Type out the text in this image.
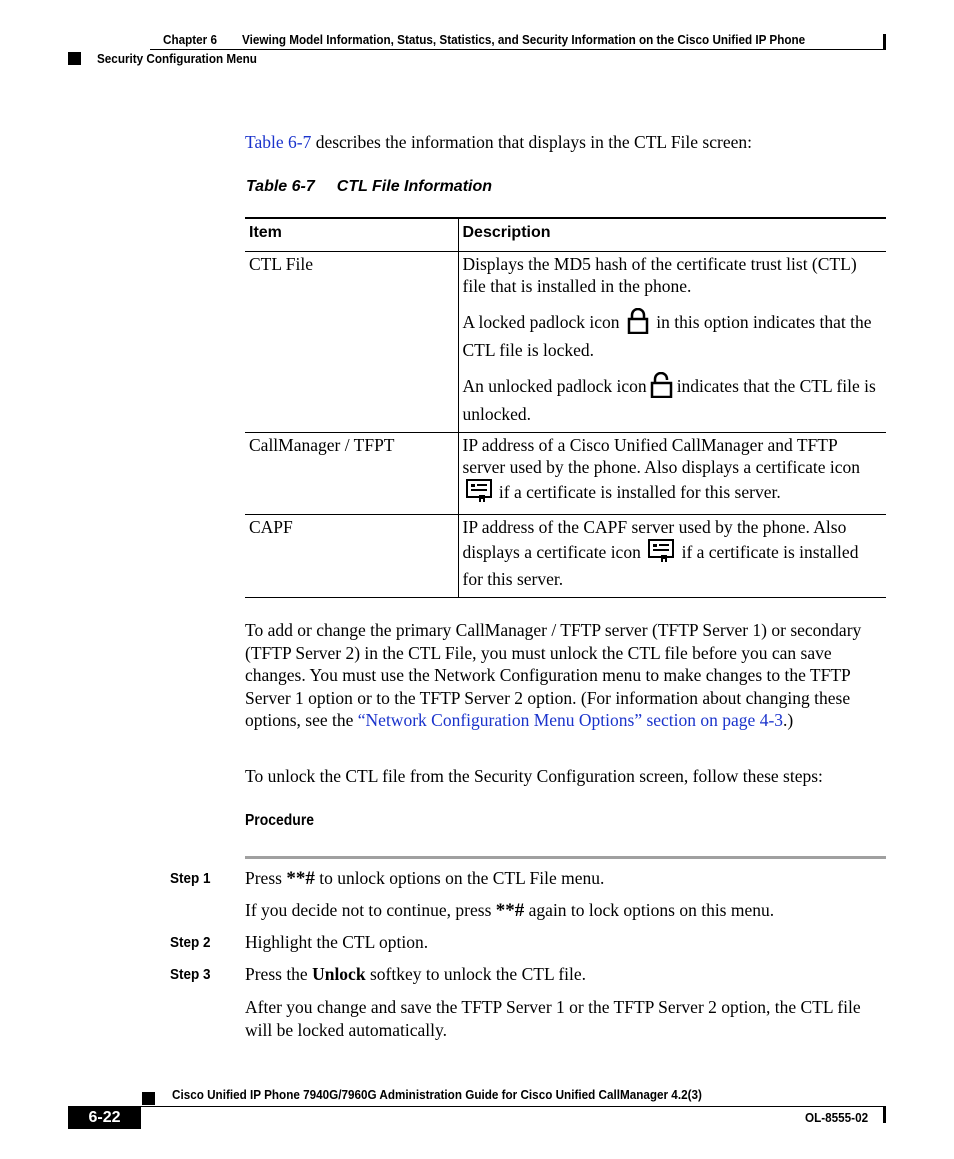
Chapter 6 Viewing Model Information, Status, Statistics, and Security Information on the Cisco Unified IP Phone
Security Configuration Menu
Table 6-7 describes the information that displays in the CTL File screen:
Table 6-7 CTL File Information
Item	Description
CTL File	Displays the MD5 hash of the certificate trust list (CTL) file that is installed in the phone.
A locked padlock icon in this option indicates that the CTL file is locked.
An unlocked padlock icon indicates that the CTL file is unlocked.

CallManager / TFPT	IP address of a Cisco Unified CallManager and TFTP server used by the phone. Also displays a certificate icon  if a certificate is installed for this server.
CAPF	IP address of the CAPF server used by the phone. Also displays a certificate icon if a certificate is installed for this server.
To add or change the primary CallManager / TFTP server (TFTP Server 1) or secondary (TFTP Server 2) in the CTL File, you must unlock the CTL file before you can save changes. You must use the Network Configuration menu to make changes to the TFTP Server 1 option or to the TFTP Server 2 option. (For information about changing these options, see the “Network Configuration Menu Options” section on page 4-3.)
To unlock the CTL file from the Security Configuration screen, follow these steps:
Procedure
Step 1 Press **# to unlock options on the CTL File menu.
If you decide not to continue, press **# again to lock options on this menu.
Step 2 Highlight the CTL option.
Step 3 Press the Unlock softkey to unlock the CTL file.
After you change and save the TFTP Server 1 or the TFTP Server 2 option, the CTL file will be locked automatically.
Cisco Unified IP Phone 7940G/7960G Administration Guide for Cisco Unified CallManager 4.2(3)
6-22	OL-8555-02
